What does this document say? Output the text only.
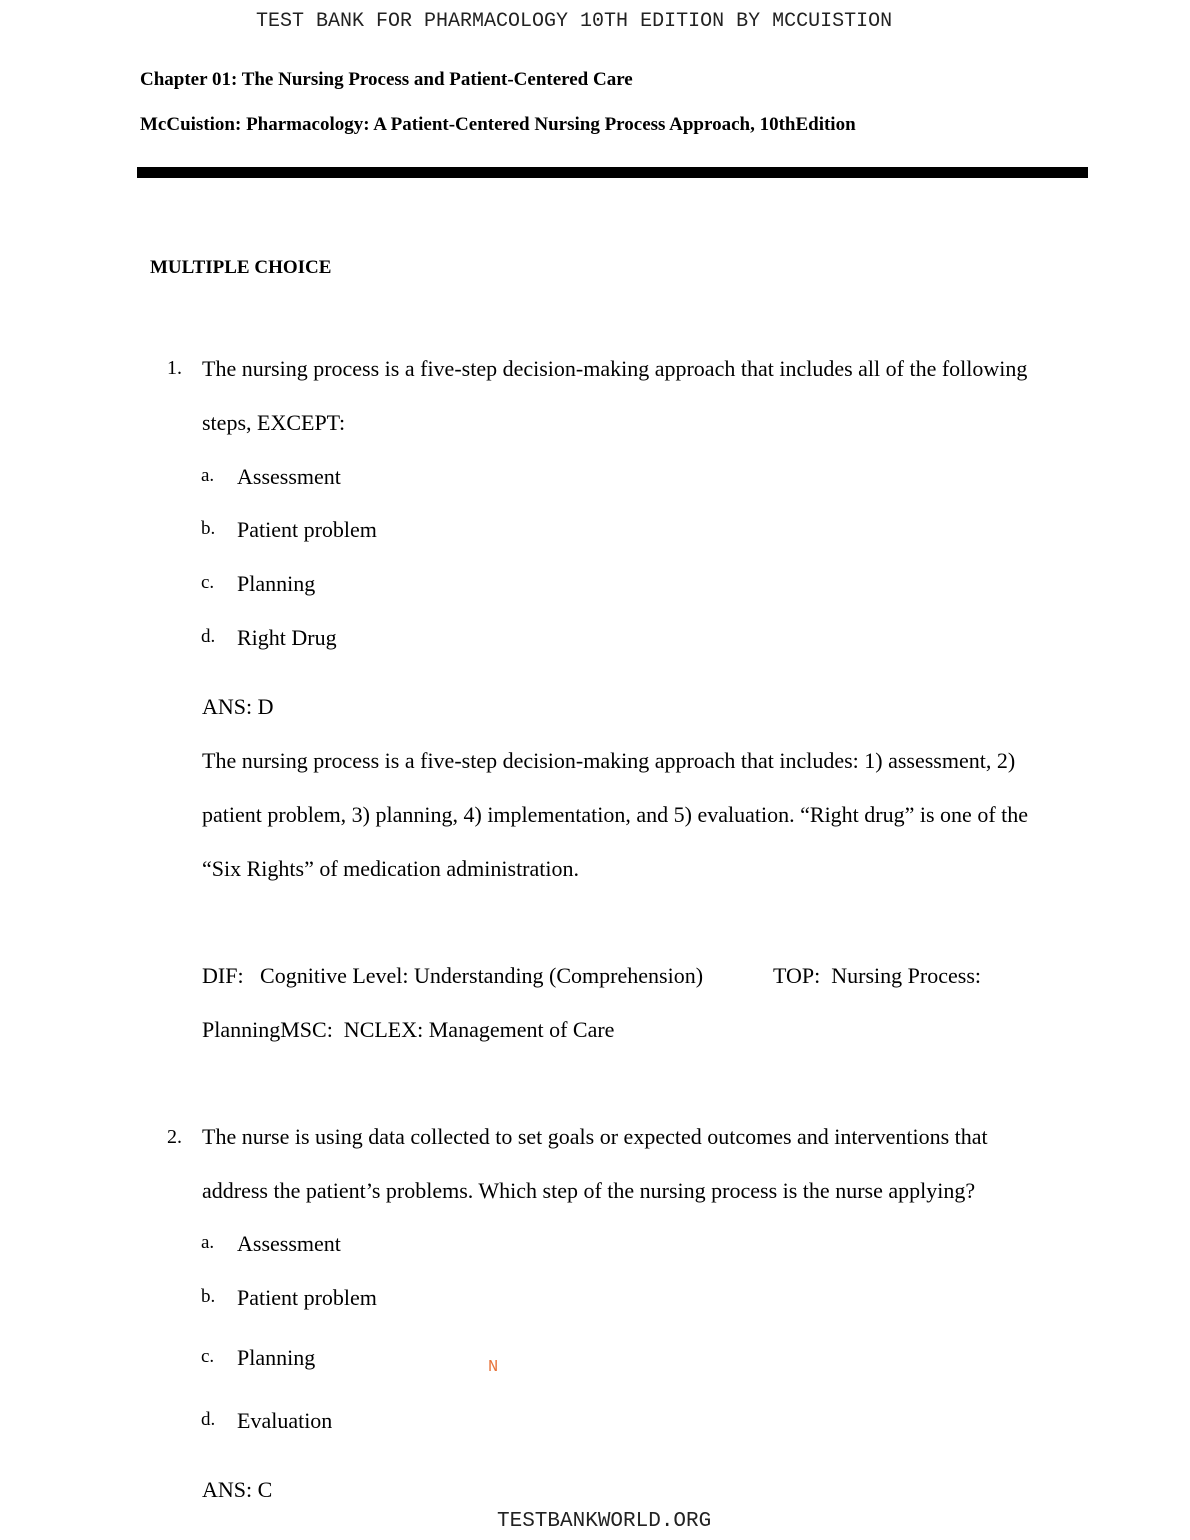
TEST BANK FOR PHARMACOLOGY 10TH EDITION BY MCCUISTION
Chapter 01: The Nursing Process and Patient-Centered Care
McCuistion: Pharmacology: A Patient-Centered Nursing Process Approach, 10thEdition
MULTIPLE CHOICE
1. The nursing process is a five-step decision-making approach that includes all of the following
steps, EXCEPT:
a. Assessment
b. Patient problem
c. Planning
d. Right Drug
ANS: D
The nursing process is a five-step decision-making approach that includes: 1) assessment, 2)
patient problem, 3) planning, 4) implementation, and 5) evaluation. “Right drug” is one of the
“Six Rights” of medication administration.
DIF:   Cognitive Level: Understanding (Comprehension)	TOP:  Nursing Process:
PlanningMSC:  NCLEX: Management of Care
2. The nurse is using data collected to set goals or expected outcomes and interventions that
address the patient’s problems. Which step of the nursing process is the nurse applying?
a. Assessment
b. Patient problem
c. Planning
d. Evaluation
ANS: C
N
TESTBANKWORLD.ORG
